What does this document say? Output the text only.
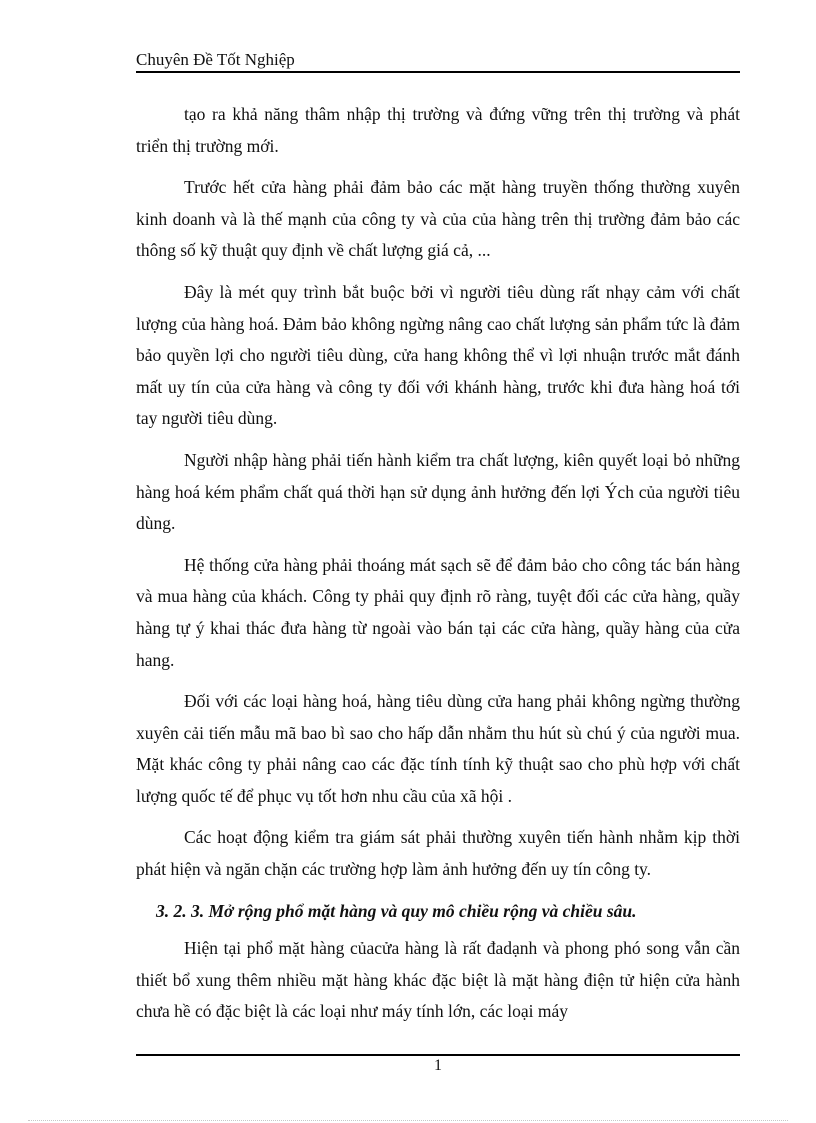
Chuyên Đề Tốt Nghiệp

tạo ra khả năng thâm nhập thị trường và đứng vững trên thị trường và phát triển thị trường mới.

Trước hết cửa hàng phải đảm bảo các mặt hàng truyền thống thường xuyên kinh doanh và là thế mạnh của công ty và của của hàng trên thị trường đảm bảo các thông số kỹ thuật quy định về chất lượng giá cả, ...

Đây là mét quy trình bắt buộc bởi vì người tiêu dùng rất nhạy cảm với chất lượng của hàng hoá. Đảm bảo không ngừng nâng cao chất lượng sản phẩm tức là đảm bảo quyền lợi cho người tiêu dùng, cửa hang không thể vì lợi nhuận trước mắt đánh mất uy tín của cửa hàng và công ty đối với khánh hàng, trước khi đưa hàng hoá tới tay người tiêu dùng.

Người nhập hàng phải tiến hành kiểm tra chất lượng, kiên quyết loại bỏ những hàng hoá kém phẩm chất quá thời hạn sử dụng ảnh hưởng đến lợi Ých của người tiêu dùng.

Hệ thống cửa hàng phải thoáng mát sạch sẽ để đảm bảo cho công tác bán hàng và mua hàng của khách. Công ty phải quy định rõ ràng, tuyệt đối các cửa hàng, quầy hàng tự ý khai thác đưa hàng từ ngoài vào bán tại các cửa hàng, quầy hàng của cửa hang.

Đối với các loại hàng hoá, hàng tiêu dùng cửa hang phải không ngừng thường xuyên cải tiến mẫu mã bao bì sao cho hấp dẫn nhằm thu hút sù chú ý của người mua. Mặt khác công ty phải nâng cao các đặc tính tính kỹ thuật sao cho phù hợp với chất lượng quốc tế để phục vụ tốt hơn nhu cầu của xã hội .

Các hoạt động kiểm tra giám sát phải thường xuyên tiến hành nhằm kịp thời phát hiện và ngăn chặn các trường hợp làm ảnh hưởng đến uy tín công ty.

3. 2. 3. Mở rộng phổ mặt hàng và quy mô chiều rộng và chiều sâu.

Hiện tại phổ mặt hàng củacửa hàng là rất đadạnh và phong phó song vẫn cần thiết bổ xung thêm nhiều mặt hàng khác đặc biệt là mặt hàng điện tử hiện cửa hành chưa hề có đặc biệt là các loại như máy tính lớn, các loại máy

1
